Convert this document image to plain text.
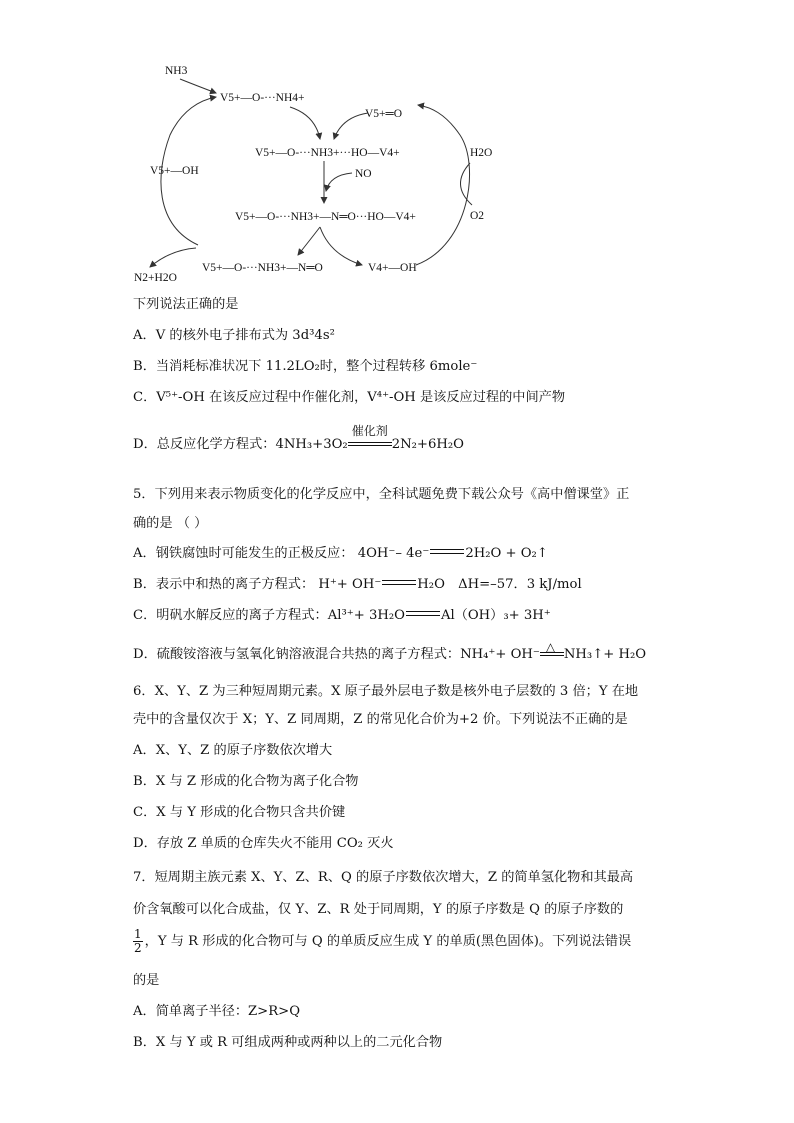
NH3
V5+—O-···NH4+
V5+═O
V5+—O-···NH3+···HO—V4+
NO
H2O
V5+—OH
V5+—O-···NH3+—N═O···HO—V4+	O2
V5+—O-···NH3+—N═O	V4+—OH
N2+H2O
下列说法正确的是
A．V 的核外电子排布式为 3d³4s²
B．当消耗标准状况下 11.2LO₂时，整个过程转移 6mole⁻
C．V⁵⁺-OH 在该反应过程中作催化剂，V⁴⁺-OH 是该反应过程的中间产物
D．总反应化学方程式：4NH₃+3O₂
催化剂
2N₂+6H₂O
5．下列用来表示物质变化的化学反应中，全科试题免费下载公众号《高中僧课堂》正
确的是 （ ）
A．钢铁腐蚀时可能发生的正极反应： 4OH⁻– 4e⁻	2H₂O + O₂↑
B．表示中和热的离子方程式： H⁺+ OH⁻	H₂O　ΔH=–57．3 kJ/mol
C．明矾水解反应的离子方程式：Al³⁺+ 3H₂O	Al（OH）₃+ 3H⁺
D．硫酸铵溶液与氢氧化钠溶液混合共热的离子方程式：NH₄⁺+ OH⁻ △ NH₃↑+ H₂O
6．X、Y、Z 为三种短周期元素。X 原子最外层电子数是核外电子层数的 3 倍；Y 在地
壳中的含量仅次于 X；Y、Z 同周期，Z 的常见化合价为+2 价。下列说法不正确的是
A．X、Y、Z 的原子序数依次增大
B．X 与 Z 形成的化合物为离子化合物
C．X 与 Y 形成的化合物只含共价键
D．存放 Z 单质的仓库失火不能用 CO₂ 灭火
7．短周期主族元素 X、Y、Z、R、Q 的原子序数依次增大，Z 的简单氢化物和其最高
价含氧酸可以化合成盐，仅 Y、Z、R 处于同周期，Y 的原子序数是 Q 的原子序数的
$\frac{1}{2}$ ，Y 与 R 形成的化合物可与 Q 的单质反应生成 Y 的单质(黑色固体)。下列说法错误
的是
A．简单离子半径：Z>R>Q
B．X 与 Y 或 R 可组成两种或两种以上的二元化合物
